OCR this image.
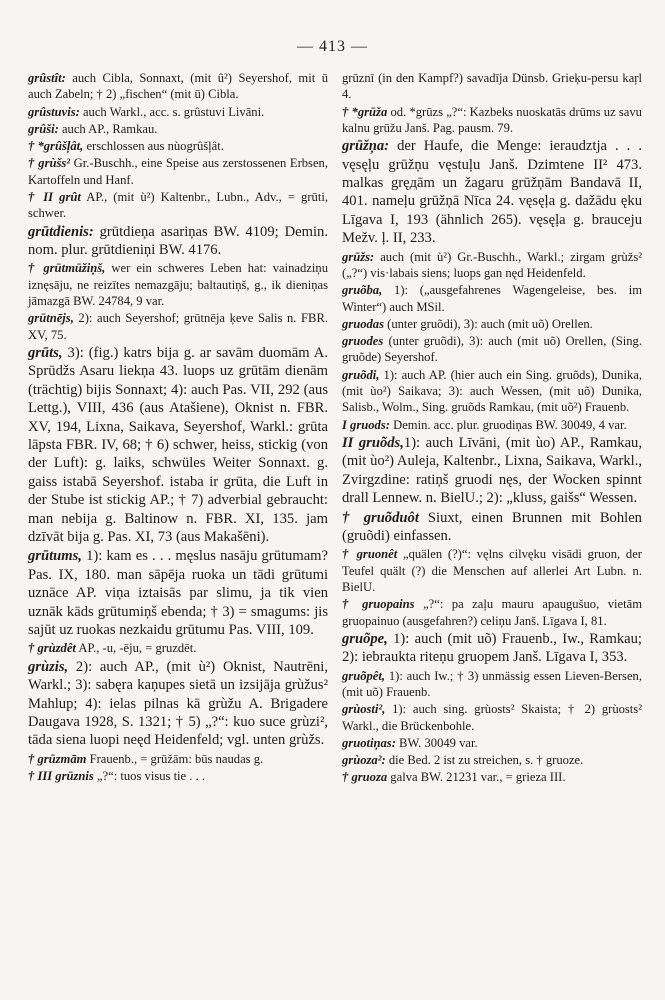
— 413 —

grûstît: auch Cibla, Sonnaxt, (mit û²) Seyershof, mit ū auch Zabeln; † 2) „fischen“ (mit ū) Cibla.

grûstuvis: auch Warkl., acc. s. grûstuvi Livāni.

grûši: auch AP., Ramkau.

† *grûšļât, erschlossen aus nùogrûšļât.

† grùšs² Gr.-Buschh., eine Speise aus zerstossenen Erbsen, Kartoffeln und Hanf.

† II grût AP., (mit ù²) Kaltenbr., Lubn., Adv., = grūti, schwer.

grūtdienis: grūtdieņa asariņas BW. 4109; Demin. nom. plur. grūtdieniņi BW. 4176.

† grūtmūžiņš, wer ein schweres Leben hat: vainadziņu iznęsāju, ne reizītes nemazgāju; baltautiņš, g., ik dieniņas jāmazgā BW. 24784, 9 var.

grūtnējs, 2): auch Seyershof; grūtnēja ķeve Salis n. FBR. XV, 75.

grūts, 3): (fig.) katrs bija g. ar savām duomām A. Sprūdžs Asaru liekņa 43. luops uz grūtām dienām (trächtig) bijis Sonnaxt; 4): auch Pas. VII, 292 (aus Lettg.), VIII, 436 (aus Atašiene), Oknist n. FBR. XV, 194, Lixna, Saikava, Seyershof, Warkl.: grūta lāpsta FBR. IV, 68; † 6) schwer, heiss, stickig (von der Luft): g. laiks, schwüles Weiter Sonnaxt. g. gaiss istabā Seyershof. istaba ir grūta, die Luft in der Stube ist stickig AP.; † 7) adverbial gebraucht: man nebija g. Baltinow n. FBR. XI, 135. jam dzīvāt bija g. Pas. XI, 73 (aus Makašēni).

grūtums, 1): kam es . . . męslus nasāju grūtumam? Pas. IX, 180. man sāpēja ruoka un tādi grūtumi uznāce AP. viņa iztaisās par slimu, ja tik vien uznāk kāds grūtumiņš ebenda; † 3) = smagums: jis sajūt uz ruokas nezkaidu grūtumu Pas. VIII, 109.

† grùzdêt AP., -u, -ēju, = gruzdēt.

grùzis, 2): auch AP., (mit ù²) Oknist, Nautrēni, Warkl.; 3): sabęra kaņupes sietā un izsijāja grùžus² Mahlup; 4): ielas pilnas kā grùžu A. Brigadere Daugava 1928, S. 1321; † 5) „?“: kuo suce grùzi², tāda siena luopi neęd Heidenfeld; vgl. unten grùžs.

† grūzmām Frauenb., = grūžām: būs naudas g.

† III grūznis „?“: tuos visus tie . . .

grūznī (in den Kampf?) savadīja Dünsb. Grieķu-persu kaŗl 4.

† *grūža od. *grūzs „?“: Kazbeks nuoskatās drūms uz savu kalnu grūžu Janš. Pag. pausm. 79.

grūžņa: der Haufe, die Menge: ieraudztja . . . vęsęļu grūžņu vęstuļu Janš. Dzimtene II² 473. malkas gręдām un žagaru grūžņām Bandavā II, 401. nameļu grūžņā Nīca 24. vęsęļa g. dažādu ęku Līgava I, 193 (ähnlich 265). vęsęļa g. brauceju Mežv. ļ. II, 233.

grūžs: auch (mit ù²) Gr.-Buschh., Warkl.; zirgam grùžs² („?“) vis·labais siens; luops gan nęd Heidenfeld.

gruõba, 1): („ausgefahrenes Wagengeleise, bes. im Winter“) auch MSil.

gruodas (unter gruõdi), 3): auch (mit uõ) Orellen.

gruodes (unter gruõdi), 3): auch (mit uõ) Orellen, (Sing. gruõde) Seyershof.

gruõdi, 1): auch AP. (hier auch ein Sing. gruõds), Dunika, (mit ùo²) Saikava; 3): auch Wessen, (mit uõ) Dunika, Salisb., Wolm., Sing. gruõds Ramkau, (mit uõ²) Frauenb.

I gruods: Demin. acc. plur. gruodiņas BW. 30049, 4 var.

II gruõds,1): auch Līvāni, (mit ùo) AP., Ramkau, (mit ùo²) Auleja, Kaltenbr., Lixna, Saikava, Warkl., Zvirgzdine: ratiņš gruodi nęs, der Wocken spinnt drall Lennew. n. BielU.; 2): „kluss, gaišs“ Wessen.

† gruõduôt Siuxt, einen Brunnen mit Bohlen (gruõdi) einfassen.

† gruonêt „quälen (?)“: vęlns cilvęku visādi gruon, der Teufel quält (?) die Menschen auf allerlei Art Lubn. n. BielU.

† gruopains „?“: pa zaļu mauru apaugušuo, vietām gruopainuo (ausgefahren?) celiņu Janš. Līgava I, 81.

gruõpe, 1): auch (mit uõ) Frauenb., Iw., Ramkau; 2): iebraukta riteņu gruopem Janš. Līgava I, 353.

gruõpêt, 1): auch Iw.; † 3) unmässig essen Lieven-Bersen, (mit uõ) Frauenb.

grùosti², 1): auch sing. grùosts² Skaista; † 2) grùosts² Warkl., die Brückenbohle.

gruotiņas: BW. 30049 var.

grùoza²: die Bed. 2 ist zu streichen, s. † gruoze.

† gruoza galva BW. 21231 var., = grieza III.
